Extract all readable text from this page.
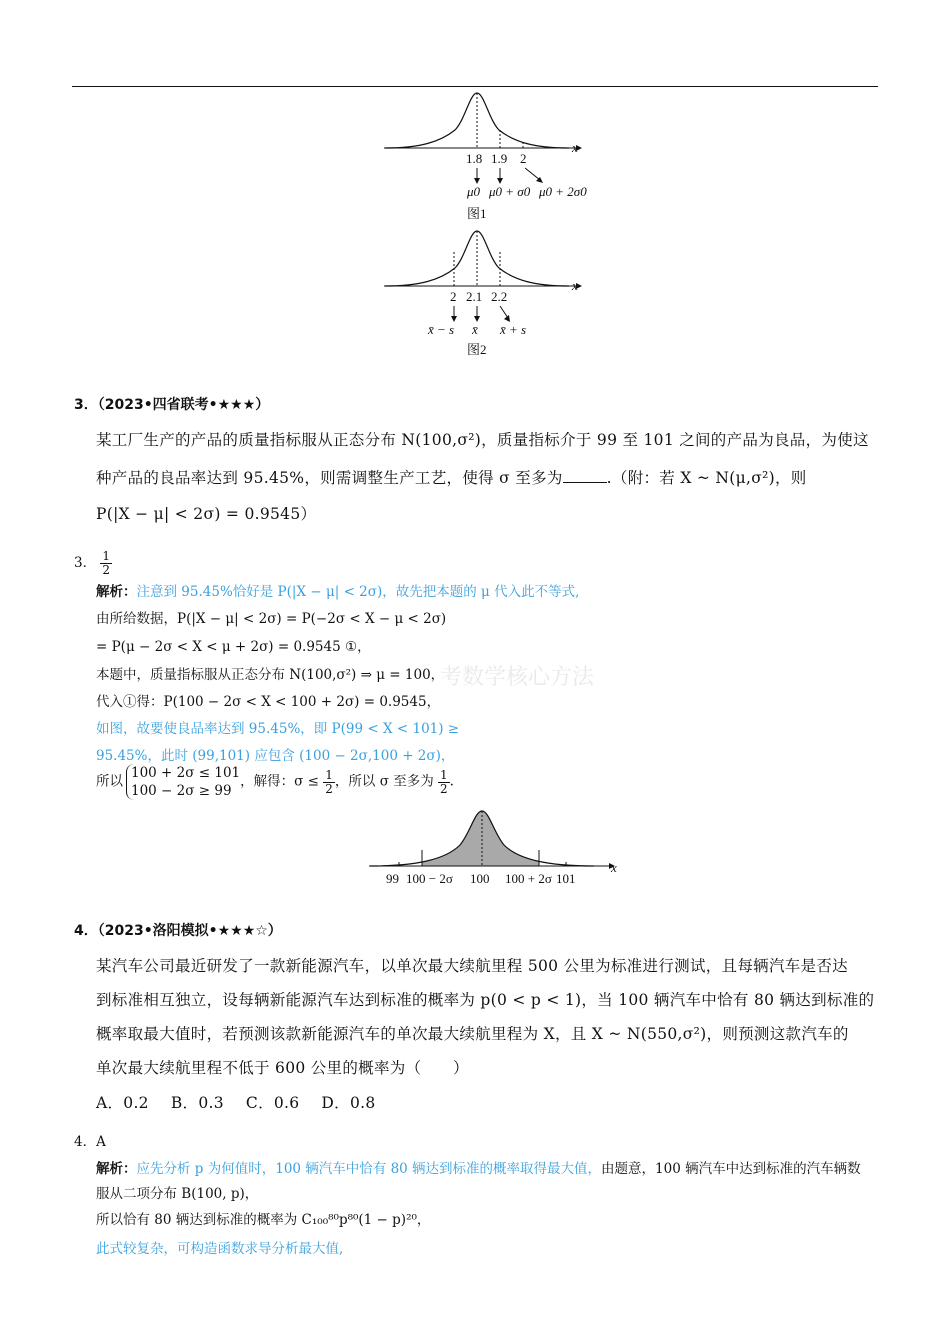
x
1.8 1.9 2
μ0 μ0 + σ0 μ0 + 2σ0
图1
x
2 2.1 2.2
x̄ − s x̄ x̄ + s
图2
3．（2023•四省联考•★★★）
某工厂生产的产品的质量指标服从正态分布 N(100,σ²)，质量指标介于 99 至 101 之间的产品为良品，为使这
种产品的良品率达到 95.45%，则需调整生产工艺，使得 σ 至多为	.（附：若 X ~ N(μ,σ²)，则
P(|X − μ| < 2σ) = 0.9545）
3． $\frac{1}{2}$
解析：注意到 95.45%恰好是 P(|X − μ| < 2σ)，故先把本题的 μ 代入此不等式,
由所给数据，P(|X − μ| < 2σ) = P(−2σ < X − μ < 2σ)
= P(μ − 2σ < X < μ + 2σ) = 0.9545 ①，
本题中，质量指标服从正态分布 N(100,σ²) ⇒ μ = 100，
考数学核心方法
代入①得：P(100 − 2σ < X < 100 + 2σ) = 0.9545，
如图，故要使良品率达到 95.45%，即 P(99 < X < 101) ≥
95.45%，此时 (99,101) 应包含 (100 − 2σ,100 + 2σ)，
所以
100 + 2σ ≤ 101
100 − 2σ ≥ 99
，解得：$\sigma \le \frac{1}{2}$ ，所以 σ 至多为 $\frac{1}{2}$ .
x
99 100 − 2σ 100 100 + 2σ 101
4．（2023•洛阳模拟•★★★☆）
某汽车公司最近研发了一款新能源汽车，以单次最大续航里程 500 公里为标准进行测试，且每辆汽车是否达
到标准相互独立，设每辆新能源汽车达到标准的概率为 p(0 < p < 1)，当 100 辆汽车中恰有 80 辆达到标准的
概率取最大值时，若预测该款新能源汽车的单次最大续航里程为 X，且 X ~ N(550,σ²)，则预测这款汽车的
单次最大续航里程不低于 600 公里的概率为（　　）
A．0.2 B．0.3 C．0.6 D．0.8
4．A
解析：应先分析 p 为何值时，100 辆汽车中恰有 80 辆达到标准的概率取得最大值，由题意，100 辆汽车中达到标准的汽车辆数
服从二项分布 B(100, p)，
所以恰有 80 辆达到标准的概率为 C₁₀₀⁸⁰p⁸⁰(1 − p)²⁰，
此式较复杂，可构造函数求导分析最大值,
